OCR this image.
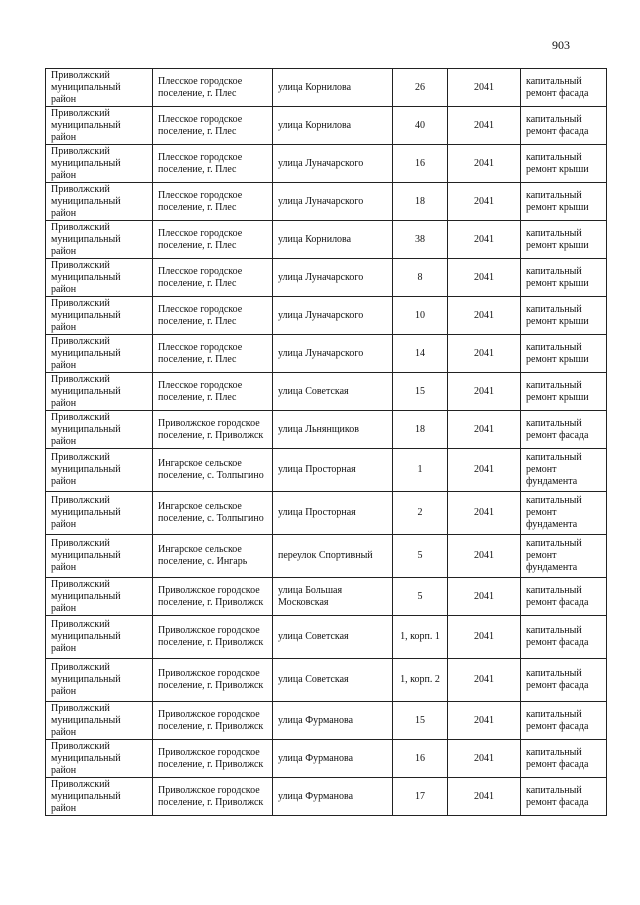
903
Приволжский муниципальный район	Плесское городское поселение, г. Плес	улица Корнилова	26	2041	капитальный ремонт фасада
Приволжский муниципальный район	Плесское городское поселение, г. Плес	улица Корнилова	40	2041	капитальный ремонт фасада
Приволжский муниципальный район	Плесское городское поселение, г. Плес	улица Луначарского	16	2041	капитальный ремонт крыши
Приволжский муниципальный район	Плесское городское поселение, г. Плес	улица Луначарского	18	2041	капитальный ремонт крыши
Приволжский муниципальный район	Плесское городское поселение, г. Плес	улица Корнилова	38	2041	капитальный ремонт крыши
Приволжский муниципальный район	Плесское городское поселение, г. Плес	улица Луначарского	8	2041	капитальный ремонт крыши
Приволжский муниципальный район	Плесское городское поселение, г. Плес	улица Луначарского	10	2041	капитальный ремонт крыши
Приволжский муниципальный район	Плесское городское поселение, г. Плес	улица Луначарского	14	2041	капитальный ремонт крыши
Приволжский муниципальный район	Плесское городское поселение, г. Плес	улица Советская	15	2041	капитальный ремонт крыши
Приволжский муниципальный район	Приволжское городское поселение, г. Приволжск	улица Льнянщиков	18	2041	капитальный ремонт фасада
Приволжский муниципальный район	Ингарское сельское поселение, с. Толпыгино	улица Просторная	1	2041	капитальный ремонт фундамента
Приволжский муниципальный район	Ингарское сельское поселение, с. Толпыгино	улица Просторная	2	2041	капитальный ремонт фундамента
Приволжский муниципальный район	Ингарское сельское поселение, с. Ингарь	переулок Спортивный	5	2041	капитальный ремонт фундамента
Приволжский муниципальный район	Приволжское городское поселение, г. Приволжск	улица Большая Московская	5	2041	капитальный ремонт фасада
Приволжский муниципальный район	Приволжское городское поселение, г. Приволжск	улица Советская	1, корп. 1	2041	капитальный ремонт фасада
Приволжский муниципальный район	Приволжское городское поселение, г. Приволжск	улица Советская	1, корп. 2	2041	капитальный ремонт фасада
Приволжский муниципальный район	Приволжское городское поселение, г. Приволжск	улица Фурманова	15	2041	капитальный ремонт фасада
Приволжский муниципальный район	Приволжское городское поселение, г. Приволжск	улица Фурманова	16	2041	капитальный ремонт фасада
Приволжский муниципальный район	Приволжское городское поселение, г. Приволжск	улица Фурманова	17	2041	капитальный ремонт фасада
